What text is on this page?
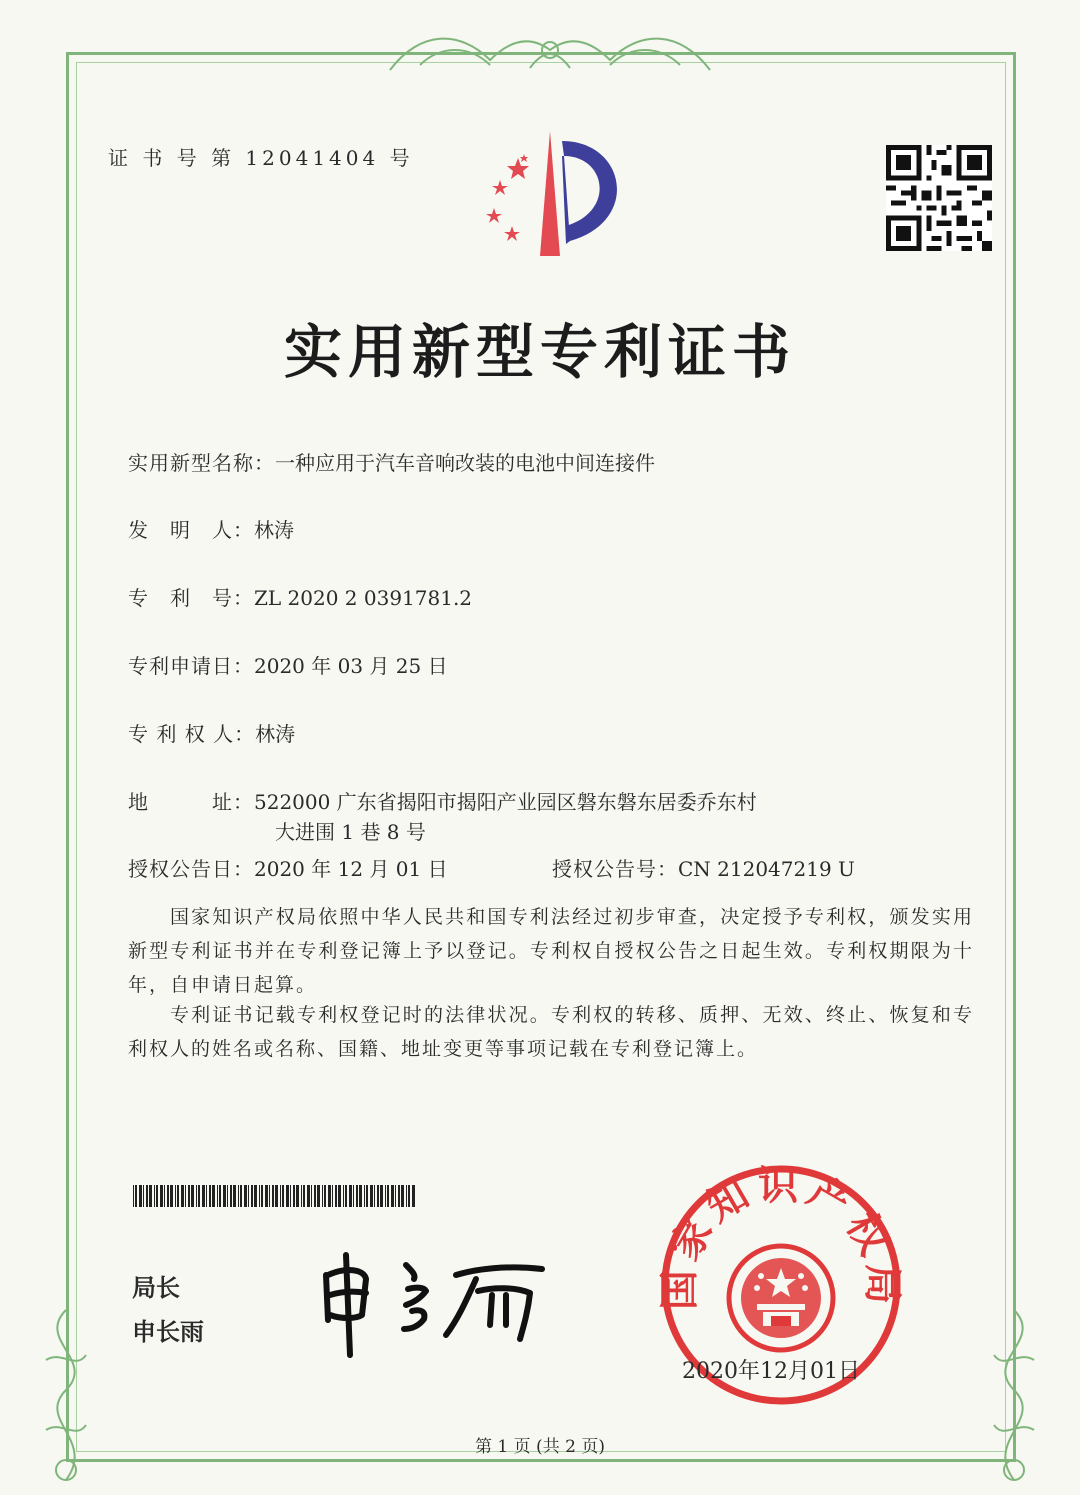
证 书 号 第 12041404 号
实用新型专利证书
实用新型名称：一种应用于汽车音响改装的电池中间连接件
发　明　人：林涛
专　利　号：ZL 2020 2 0391781.2
专利申请日：2020 年 03 月 25 日
专 利 权 人：林涛
地　　　址：522000 广东省揭阳市揭阳产业园区磐东磐东居委乔东村
大进围 1 巷 8 号
授权公告日：2020 年 12 月 01 日	授权公告号：CN 212047219 U
国家知识产权局依照中华人民共和国专利法经过初步审查，决定授予专利权，颁发实用新型专利证书并在专利登记簿上予以登记。专利权自授权公告之日起生效。专利权期限为十年，自申请日起算。
专利证书记载专利权登记时的法律状况。专利权的转移、质押、无效、终止、恢复和专利权人的姓名或名称、国籍、地址变更等事项记载在专利登记簿上。
局长
申长雨
国家知识产权局
2020年12月01日
第 1 页 (共 2 页)
